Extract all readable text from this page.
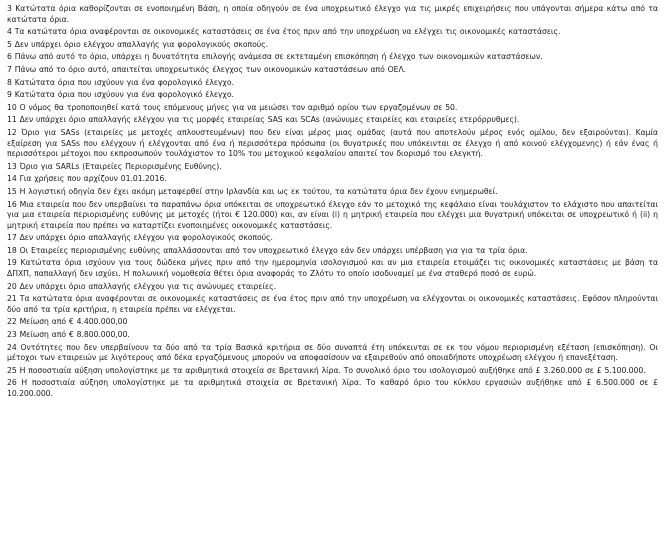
3 Κατώτατα όρια καθορίζονται σε ενοποιημένη Βάση, η οποία οδηγούν σε ένα υποχρεωτικό έλεγχο για τις μικρές επιχειρήσεις που υπάγονται σήμερα κάτω από τα κατώτατα όρια.

4 Τα κατώτατα όρια αναφέρονται σε οικονομικές καταστάσεις σε ένα έτος πριν από την υποχρέωση να ελέγχει τις οικονομικές καταστάσεις.

5 Δεν υπάρχει όριο ελέγχου απαλλαγής για φορολογικούς σκοπούς.

6 Πάνω από αυτό το όριο, υπάρχει η δυνατότητα επιλογής ανάμεσα σε εκτεταμένη επισκόπηση ή έλεγχο των οικονομικών καταστάσεων.

7 Πάνω από το όριο αυτό, απαιτείται υποχρεωτικός έλεγχος των οικονομικών καταστάσεων από ΟΕΛ.

8 Κατώτατα όρια που ισχύουν για ένα φορολογικό έλεγχο.

9 Κατώτατα όρια που ισχύουν για ένα φορολογικό έλεγχο.

10 Ο νόμος θα τροποποιηθεί κατά τους επόμενους μήνες για να μειώσει τον αριθμό ορίου των εργαζομένων σε 50.

11 Δεν υπάρχει όριο απαλλαγής ελέγχου για τις μορφές εταιρείας SAS και SCAs (ανώνυμες εταιρείες και εταιρείες ετερόρρυθμες).

12 Όριο για SASs (εταιρείες με μετοχές απλουστευμένων) που δεν είναι μέρος μιας ομάδας (αυτά που αποτελούν μέρος ενός ομίλου, δεν εξαιρούνται). Καμία εξαίρεση για SASs που ελέγχουν ή ελέγχονται από ένα ή περισσότερα πρόσωπα (οι θυγατρικές που υπόκεινται σε έλεγχο ή από κοινού ελέγχομενης) ή εάν ένας ή περισσότεροι μέτοχοι που εκπροσωπούν τουλάχιστον το 10% του μετοχικού κεφαλαίου απαιτεί τον διορισμό του ελεγκτή.

13 Όριο για SARLs (Εταιρείες Περιορισμένης Ευθύνης).

14 Για χρήσεις που αρχίζουν 01.01.2016.

15 Η λογιστική οδηγία δεν έχει ακόμη μεταφερθεί στην Ιρλανδία και ως εκ τούτου, τα κατώτατα όρια δεν έχουν ενημερωθεί.

16 Μια εταιρεία που δεν υπερβαίνει τα παραπάνω όρια υπόκειται σε υποχρεωτικό έλεγχο εάν το μετοχικό της κεφάλαιο είναι τουλάχιστον το ελάχιστο που απαιτείται για μια εταιρεία περιορισμένης ευθύνης με μετοχές (ήτοι € 120.000) και, αν είναι (i) η μητρική εταιρεία που ελέγχει μια θυγατρική υπόκειται σε υποχρεωτικό ή (ii) η μητρική εταιρεία που πρέπει να καταρτίζει ενοποιημένες οικονομικές καταστάσεις.

17 Δεν υπάρχει όριο απαλλαγής ελέγχου για φορολογικούς σκοπούς.

18 Οι Εταιρείες περιορισμένης ευθύνης απαλλάσσονται από τον υποχρεωτικό έλεγχο εάν δεν υπάρχει υπέρβαση για για τα τρία όρια.

19 Κατώτατα όρια ισχύουν για τους δώδεκα μήνες πριν από την ημερομηνία ισολογισμού και αν μια εταιρεία ετοιμάζει τις οικονομικές καταστάσεις με βάση τα ΔΠΧΠ, παπαλλαγή δεν ισχύει. Η πολωνική νομοθεσία θέτει όρια αναφοράς το Ζλότυ το οποίο ισοδυναμεί με ένα σταθερό ποσό σε ευρώ.

20 Δεν υπάρχει όριο απαλλαγής ελέγχου για τις ανώνυμες εταιρείες.

21 Τα κατώτατα όρια αναφέρονται σε οικονομικές καταστάσεις σε ένα έτος πριν από την υποχρέωση να ελέγχονται οι οικονομικές καταστάσεις. Εφόσον πληρούνται δύο από τα τρία κριτήρια, η εταιρεία πρέπει να ελέγχεται.

22 Μείωση από € 4.400.000,00

23 Μείωση από € 8.800.000,00.

24 Οντότητες που δεν υπερβαίνουν τα δύο από τα τρία Βασικά κριτήρια σε δύο συναπτά έτη υπόκεινται σε εκ του νόμου περιορισμένη εξέταση (επισκόπηση). Οι μέτοχοι των εταιρειών με λιγότερους από δέκα εργαζόμενους μπορούν να αποφασίσουν να εξαιρεθούν από οποιαδήποτε υποχρέωση ελέγχου ή επανεξέταση.

25 Η ποσοστιαία αύξηση υπολογίστηκε με τα αριθμητικά στοιχεία σε Βρετανική λίρα. Το συνολικό όριο του ισολογισμού αυξήθηκε από £ 3.260.000 σε £ 5.100.000.

26 Η ποσοστιαία αύξηση υπολογίστηκε με τα αριθμητικά στοιχεία σε Βρετανική λίρα. Το καθαρό όριο του κύκλου εργασιών αυξήθηκε από £ 6.500.000 σε £ 10.200.000.
